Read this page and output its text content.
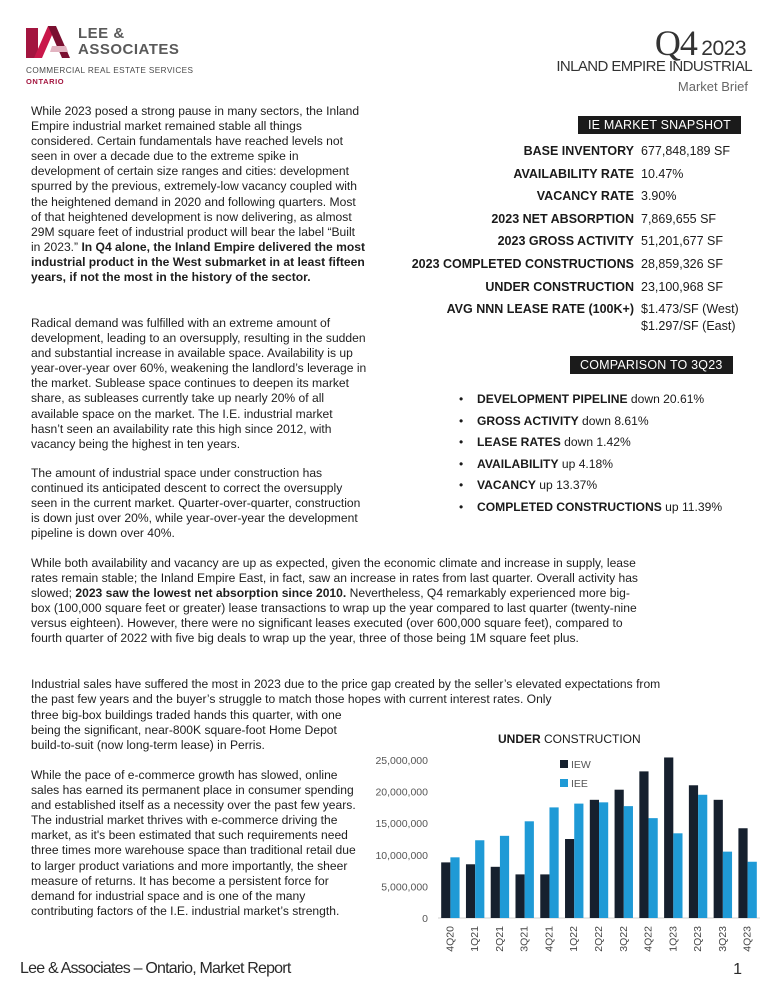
LEE &
ASSOCIATES
COMMERCIAL REAL ESTATE SERVICES
ONTARIO
Q4 2023
INLAND EMPIRE INDUSTRIAL
Market Brief
While 2023 posed a strong pause in many sectors, the Inland Empire industrial market remained stable all things considered. Certain fundamentals have reached levels not seen in over a decade due to the extreme spike in development of certain size ranges and cities: development spurred by the previous, extremely-low vacancy coupled with the heightened demand in 2020 and following quarters. Most of that heightened development is now delivering, as almost 29M square feet of industrial product will bear the label “Built in 2023.” In Q4 alone, the Inland Empire delivered the most industrial product in the West submarket in at least fifteen years, if not the most in the history of the sector.
Radical demand was fulfilled with an extreme amount of development, leading to an oversupply, resulting in the sudden and substantial increase in available space. Availability is up year-over-year over 60%, weakening the landlord’s leverage in the market. Sublease space continues to deepen its market share, as subleases currently take up nearly 20% of all available space on the market. The I.E. industrial market hasn’t seen an availability rate this high since 2012, with vacancy being the highest in ten years.
The amount of industrial space under construction has continued its anticipated descent to correct the oversupply seen in the current market. Quarter-over-quarter, construction is down just over 20%, while year-over-year the development pipeline is down over 40%.
While both availability and vacancy are up as expected, given the economic climate and increase in supply, lease rates remain stable; the Inland Empire East, in fact, saw an increase in rates from last quarter. Overall activity has slowed; 2023 saw the lowest net absorption since 2010. Nevertheless, Q4 remarkably experienced more big-box (100,000 square feet or greater) lease transactions to wrap up the year compared to last quarter (twenty-nine versus eighteen). However, there were no significant leases executed (over 600,000 square feet), compared to fourth quarter of 2022 with five big deals to wrap up the year, three of those being 1M square feet plus.
Industrial sales have suffered the most in 2023 due to the price gap created by the seller’s elevated expectations from the past few years and the buyer’s struggle to match those hopes with current interest rates. Only
three big-box buildings traded hands this quarter, with one being the significant, near-800K square-foot Home Depot build-to-suit (now long-term lease) in Perris.
While the pace of e-commerce growth has slowed, online sales has earned its permanent place in consumer spending and established itself as a necessity over the past few years. The industrial market thrives with e-commerce driving the market, as it's been estimated that such requirements need three times more warehouse space than traditional retail due to larger product variations and more importantly, the sheer measure of returns. It has become a persistent force for demand for industrial space and is one of the many contributing factors of the I.E. industrial market’s strength.
IE MARKET SNAPSHOT
BASE INVENTORY 677,848,189 SF
AVAILABILITY RATE 10.47%
VACANCY RATE 3.90%
2023 NET ABSORPTION 7,869,655 SF
2023 GROSS ACTIVITY 51,201,677 SF
2023 COMPLETED CONSTRUCTIONS 28,859,326 SF
UNDER CONSTRUCTION 23,100,968 SF
AVG NNN LEASE RATE (100K+) $1.473/SF (West)
$1.297/SF (East)
COMPARISON TO 3Q23
• DEVELOPMENT PIPELINE down 20.61%
• GROSS ACTIVITY down 8.61%
• LEASE RATES down 1.42%
• AVAILABILITY up 4.18%
• VACANCY up 13.37%
• COMPLETED CONSTRUCTIONS up 11.39%
UNDER CONSTRUCTION
0
5,000,000
10,000,000
15,000,000
20,000,000
25,000,000
4Q20 1Q21 2Q21 3Q21 4Q21 1Q22 2Q22 3Q22 4Q22 1Q23 2Q23 3Q23 4Q23
IEW
IEE
Lee & Associates – Ontario, Market Report	1
